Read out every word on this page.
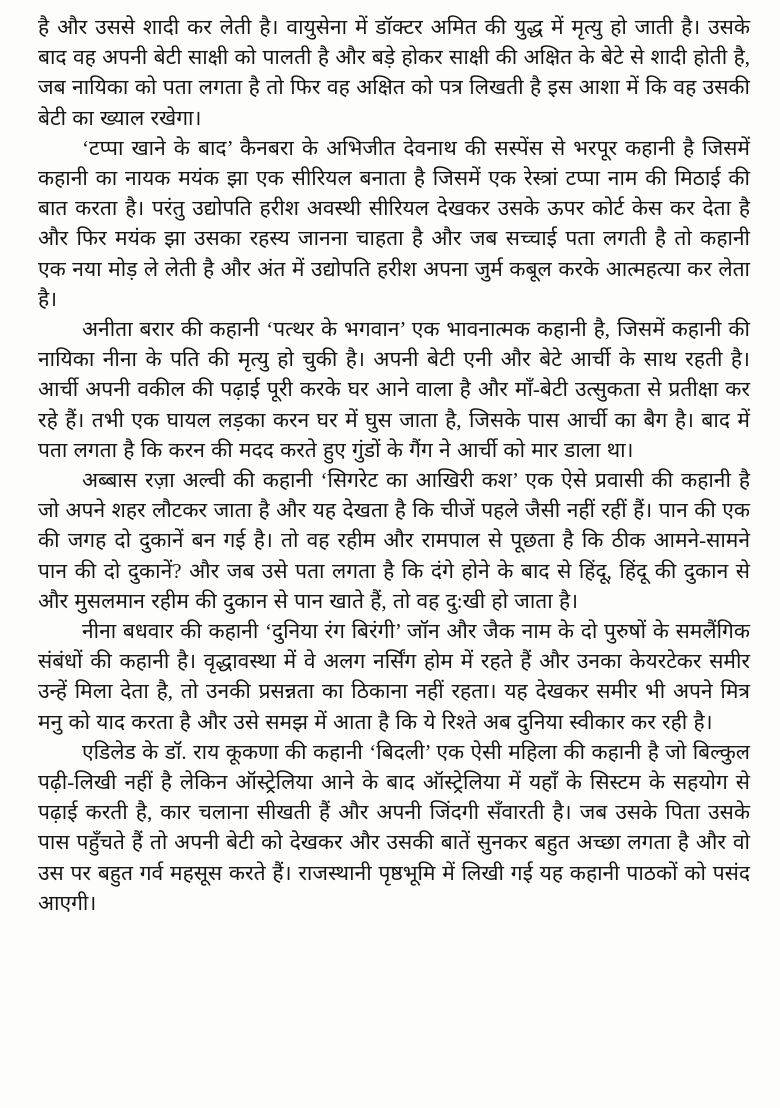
है और उससे शादी कर लेती है। वायुसेना में डॉक्टर अमित की युद्ध में मृत्यु हो जाती है। उसके बाद वह अपनी बेटी साक्षी को पालती है और बड़े होकर साक्षी की अक्षित के बेटे से शादी होती है, जब नायिका को पता लगता है तो फिर वह अक्षित को पत्र लिखती है इस आशा में कि वह उसकी बेटी का ख्याल रखेगा।

‘टप्पा खाने के बाद’ कैनबरा के अभिजीत देवनाथ की सस्पेंस से भरपूर कहानी है जिसमें कहानी का नायक मयंक झा एक सीरियल बनाता है जिसमें एक रेस्त्रां टप्पा नाम की मिठाई की बात करता है। परंतु उद्योपति हरीश अवस्थी सीरियल देखकर उसके ऊपर कोर्ट केस कर देता है और फिर मयंक झा उसका रहस्य जानना चाहता है और जब सच्चाई पता लगती है तो कहानी एक नया मोड़ ले लेती है और अंत में उद्योपति हरीश अपना जुर्म कबूल करके आत्महत्या कर लेता है।

अनीता बरार की कहानी ‘पत्थर के भगवान’ एक भावनात्मक कहानी है, जिसमें कहानी की नायिका नीना के पति की मृत्यु हो चुकी है। अपनी बेटी एनी और बेटे आर्ची के साथ रहती है। आर्ची अपनी वकील की पढ़ाई पूरी करके घर आने वाला है और माँ-बेटी उत्सुकता से प्रतीक्षा कर रहे हैं। तभी एक घायल लड़का करन घर में घुस जाता है, जिसके पास आर्ची का बैग है। बाद में पता लगता है कि करन की मदद करते हुए गुंडों के गैंग ने आर्ची को मार डाला था।

अब्बास रज़ा अल्वी की कहानी ‘सिगरेट का आखिरी कश’ एक ऐसे प्रवासी की कहानी है जो अपने शहर लौटकर जाता है और यह देखता है कि चीजें पहले जैसी नहीं रहीं हैं। पान की एक की जगह दो दुकानें बन गई है। तो वह रहीम और रामपाल से पूछता है कि ठीक आमने-सामने पान की दो दुकानें? और जब उसे पता लगता है कि दंगे होने के बाद से हिंदू, हिंदू की दुकान से और मुसलमान रहीम की दुकान से पान खाते हैं, तो वह दु:खी हो जाता है।

नीना बधवार की कहानी ‘दुनिया रंग बिरंगी’ जॉन और जैक नाम के दो पुरुषों के समलैंगिक संबंधों की कहानी है। वृद्धावस्था में वे अलग नर्सिंग होम में रहते हैं और उनका केयरटेकर समीर उन्हें मिला देता है, तो उनकी प्रसन्नता का ठिकाना नहीं रहता। यह देखकर समीर भी अपने मित्र मनु को याद करता है और उसे समझ में आता है कि ये रिश्ते अब दुनिया स्वीकार कर रही है।

एडिलेड के डॉ. राय कूकणा की कहानी ‘बिदली’ एक ऐसी महिला की कहानी है जो बिल्कुल पढ़ी-लिखी नहीं है लेकिन ऑस्ट्रेलिया आने के बाद ऑस्ट्रेलिया में यहाँ के सिस्टम के सहयोग से पढ़ाई करती है, कार चलाना सीखती हैं और अपनी जिंदगी सँवारती है। जब उसके पिता उसके पास पहुँचते हैं तो अपनी बेटी को देखकर और उसकी बातें सुनकर बहुत अच्छा लगता है और वो उस पर बहुत गर्व महसूस करते हैं। राजस्थानी पृष्ठभूमि में लिखी गई यह कहानी पाठकों को पसंद आएगी।
